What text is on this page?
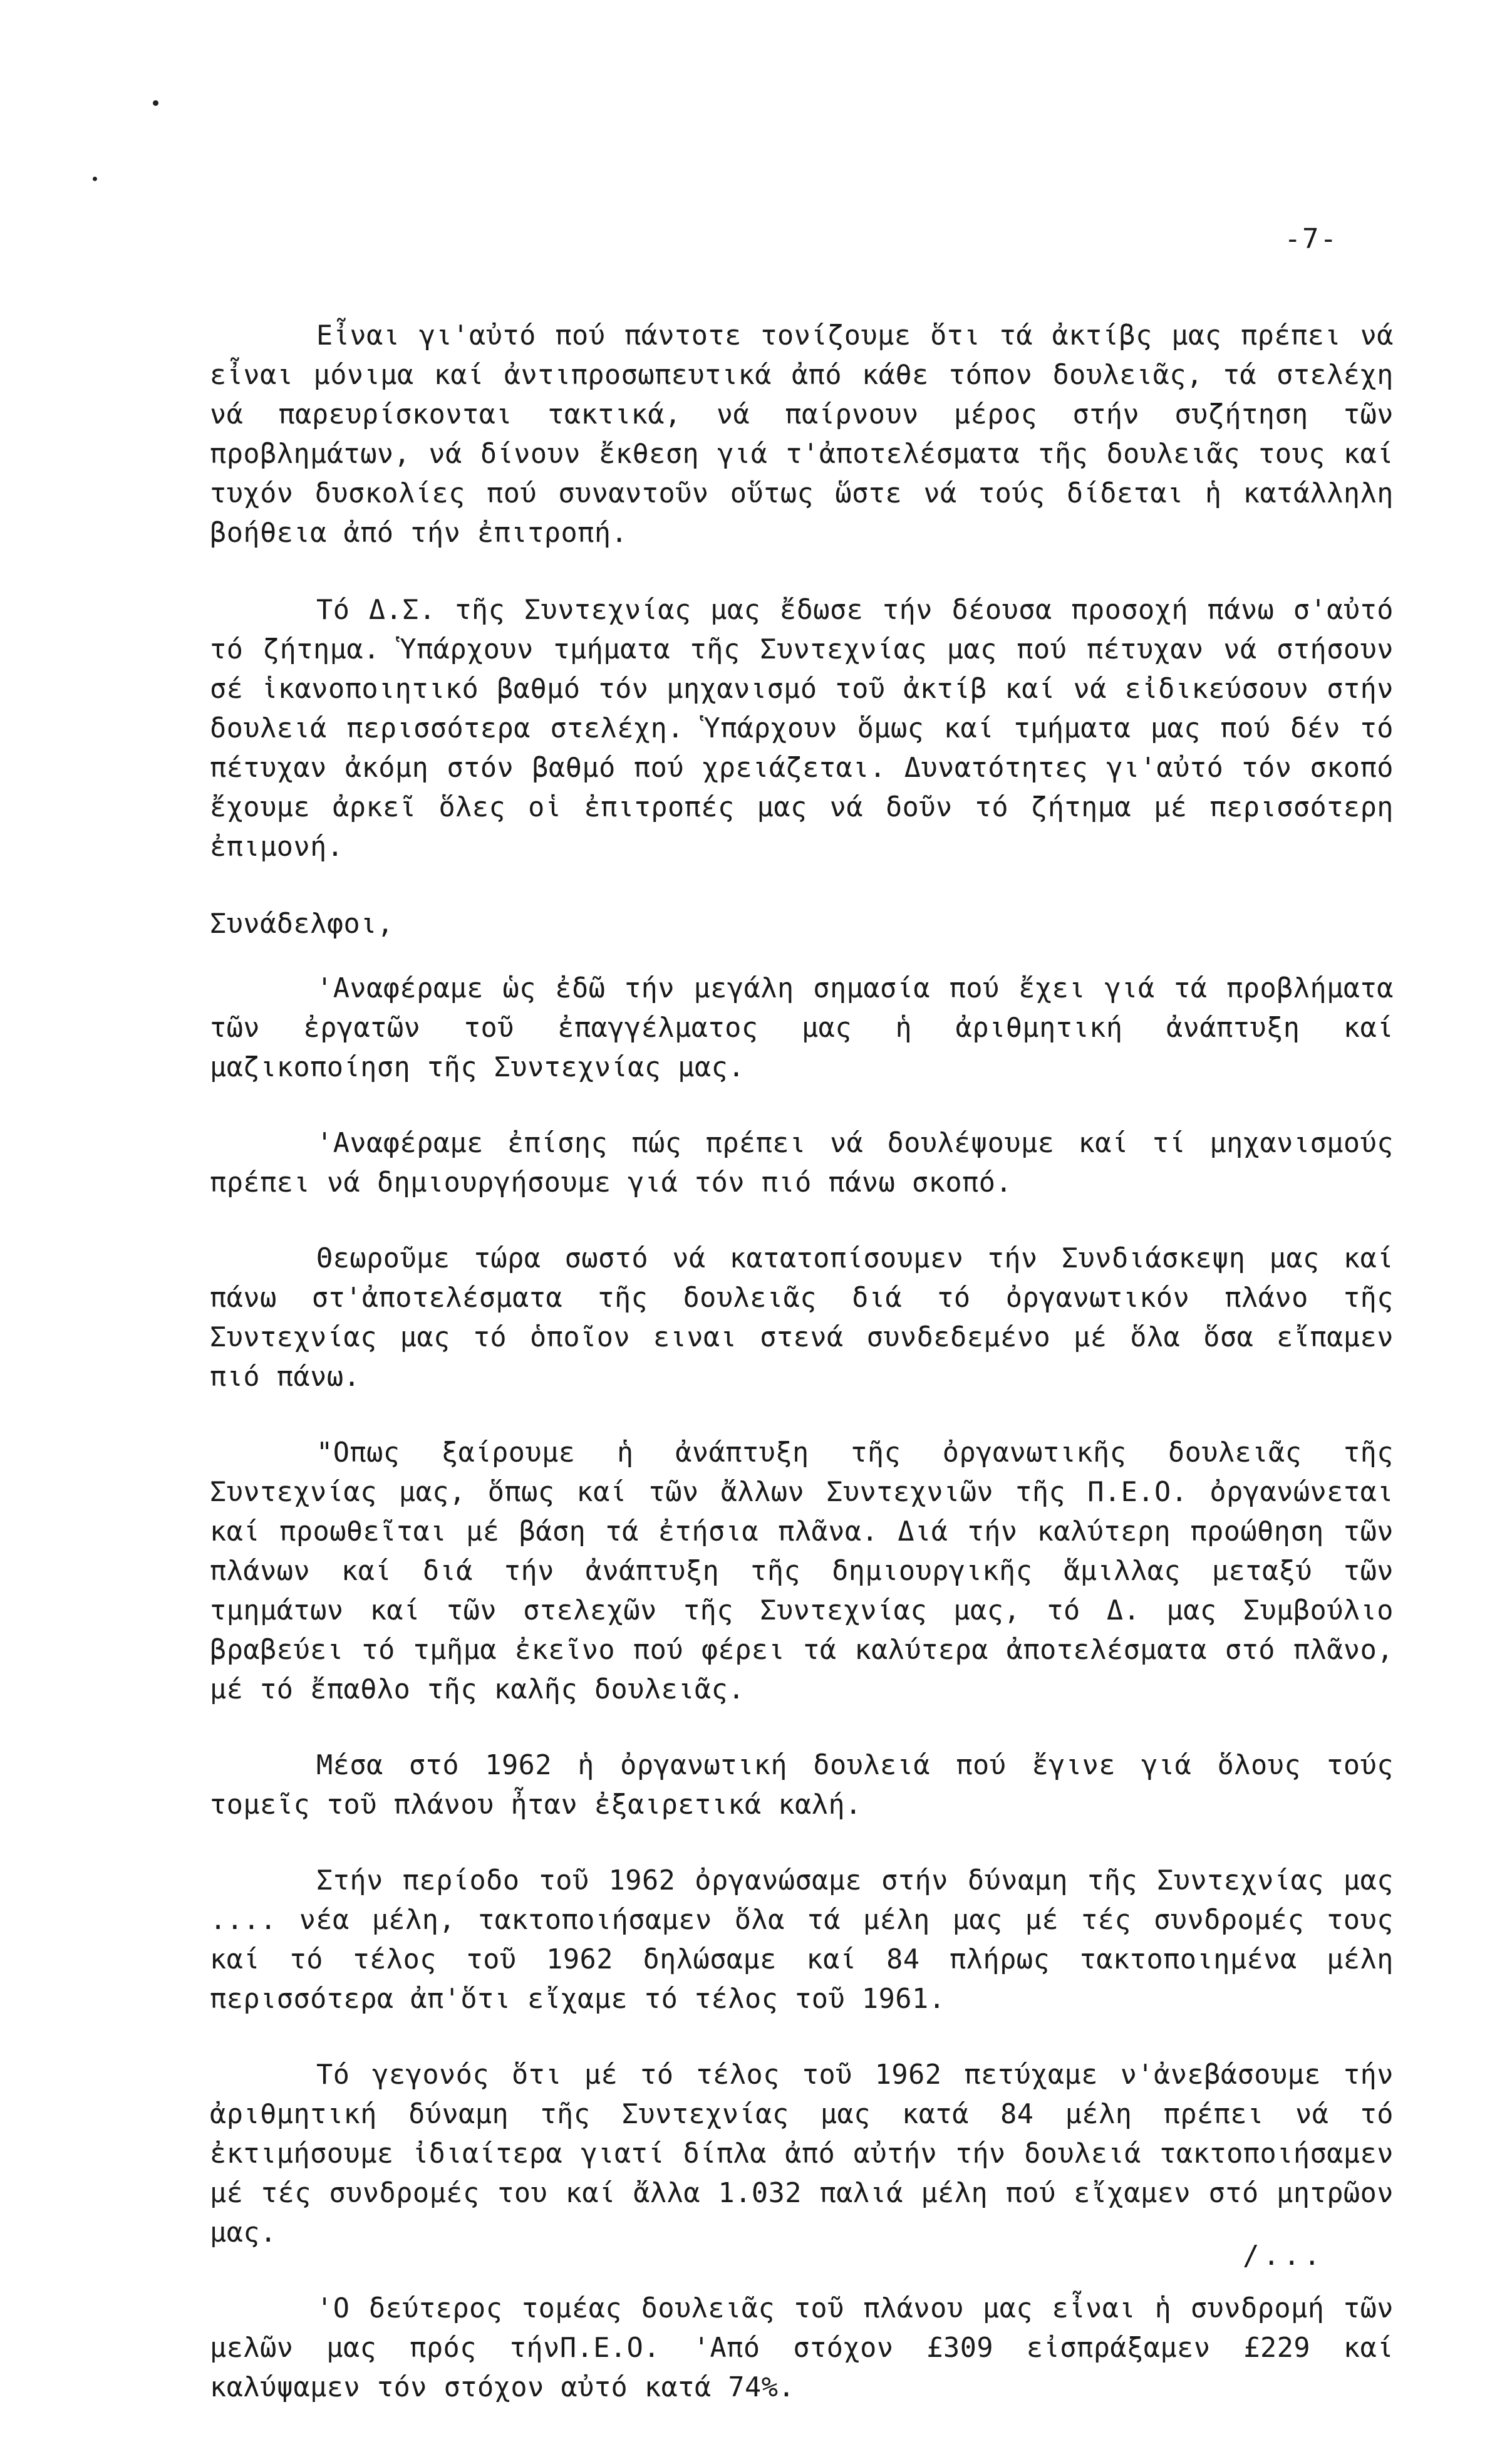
-7-

Εἶναι γι'αὐτό πού πάντοτε τονίζουμε ὅτι τά ἀκτίβς μας πρέπει νά εἶναι μόνιμα καί ἀντιπροσωπευτικά ἀπό κάθε τόπον δουλειᾶς, τά στελέχη νά παρευρίσκονται τακτικά, νά παίρνουν μέρος στήν συζήτηση τῶν προβλημάτων, νά δίνουν ἔκθεση γιά τ'ἀποτελέσματα τῆς δουλειᾶς τους καί τυχόν δυσκολίες πού συναντοῦν οὕτως ὥστε νά τούς δίδεται ἡ κατάλληλη βοήθεια ἀπό τήν ἐπιτροπή.

Τό Δ.Σ. τῆς Συντεχνίας μας ἔδωσε τήν δέουσα προσοχή πάνω σ'αὐτό τό ζήτημα. Ὑπάρχουν τμήματα τῆς Συντεχνίας μας πού πέτυχαν νά στήσουν σέ ἱκανοποιητικό βαθμό τόν μηχανισμό τοῦ ἀκτίβ καί νά εἰδικεύσουν στήν δουλειά περισσότερα στελέχη. Ὑπάρχουν ὅμως καί τμήματα μας πού δέν τό πέτυχαν ἀκόμη στόν βαθμό πού χρειάζεται. Δυνατότητες γι'αὐτό τόν σκοπό ἔχουμε ἀρκεῖ ὅλες οἱ ἐπιτροπές μας νά δοῦν τό ζήτημα μέ περισσότερη ἐπιμονή.

Συνάδελφοι,

'Αναφέραμε ὡς ἐδῶ τήν μεγάλη σημασία πού ἔχει γιά τά προβλήματα τῶν ἐργατῶν τοῦ ἐπαγγέλματος μας ἡ ἀριθμητική ἀνάπτυξη καί μαζικοποίηση τῆς Συντεχνίας μας.

'Αναφέραμε ἐπίσης πώς πρέπει νά δουλέψουμε καί τί μηχανισμούς πρέπει νά δημιουργήσουμε γιά τόν πιό πάνω σκοπό.

Θεωροῦμε τώρα σωστό νά κατατοπίσουμεν τήν Συνδιάσκεψη μας καί πάνω στ'ἀποτελέσματα τῆς δουλειᾶς διά τό ὀργανωτικόν πλάνο τῆς Συντεχνίας μας τό ὁποῖον ειναι στενά συνδεδεμένο μέ ὅλα ὅσα εἴπαμεν πιό πάνω.

"Οπως ξαίρουμε ἡ ἀνάπτυξη τῆς ὀργανωτικῆς δουλειᾶς τῆς Συντεχνίας μας, ὅπως καί τῶν ἄλλων Συντεχνιῶν τῆς Π.Ε.Ο. ὀργανώνεται καί προωθεῖται μέ βάση τά ἐτήσια πλᾶνα. Διά τήν καλύτερη προώθηση τῶν πλάνων καί διά τήν ἀνάπτυξη τῆς δημιουργικῆς ἅμιλλας μεταξύ τῶν τμημάτων καί τῶν στελεχῶν τῆς Συντεχνίας μας, τό Δ. μας Συμβούλιο βραβεύει τό τμῆμα ἐκεῖνο πού φέρει τά καλύτερα ἀποτελέσματα στό πλᾶνο, μέ τό ἔπαθλο τῆς καλῆς δουλειᾶς.

Μέσα στό 1962 ἡ ὀργανωτική δουλειά πού ἔγινε γιά ὅλους τούς τομεῖς τοῦ πλάνου ἦταν ἐξαιρετικά καλή.

Στήν περίοδο τοῦ 1962 ὀργανώσαμε στήν δύναμη τῆς Συντεχνίας μας .... νέα μέλη, τακτοποιήσαμεν ὅλα τά μέλη μας μέ τές συνδρομές τους καί τό τέλος τοῦ 1962 δηλώσαμε καί 84 πλήρως τακτοποιημένα μέλη περισσότερα ἀπ'ὅτι εἴχαμε τό τέλος τοῦ 1961.

Τό γεγονός ὅτι μέ τό τέλος τοῦ 1962 πετύχαμε ν'ἀνεβάσουμε τήν ἀριθμητική δύναμη τῆς Συντεχνίας μας κατά 84 μέλη πρέπει νά τό ἐκτιμήσουμε ἰδιαίτερα γιατί δίπλα ἀπό αὐτήν τήν δουλειά τακτοποιήσαμεν μέ τές συνδρομές του καί ἄλλα 1.032 παλιά μέλη πού εἴχαμεν στό μητρῶον μας.

'Ο δεύτερος τομέας δουλειᾶς τοῦ πλάνου μας εἶναι ἡ συνδρομή τῶν μελῶν μας πρός τήνΠ.Ε.Ο. 'Από στόχον £309 εἰσπράξαμεν £229 καί καλύψαμεν τόν στόχον αὐτό κατά 74%.

/...
